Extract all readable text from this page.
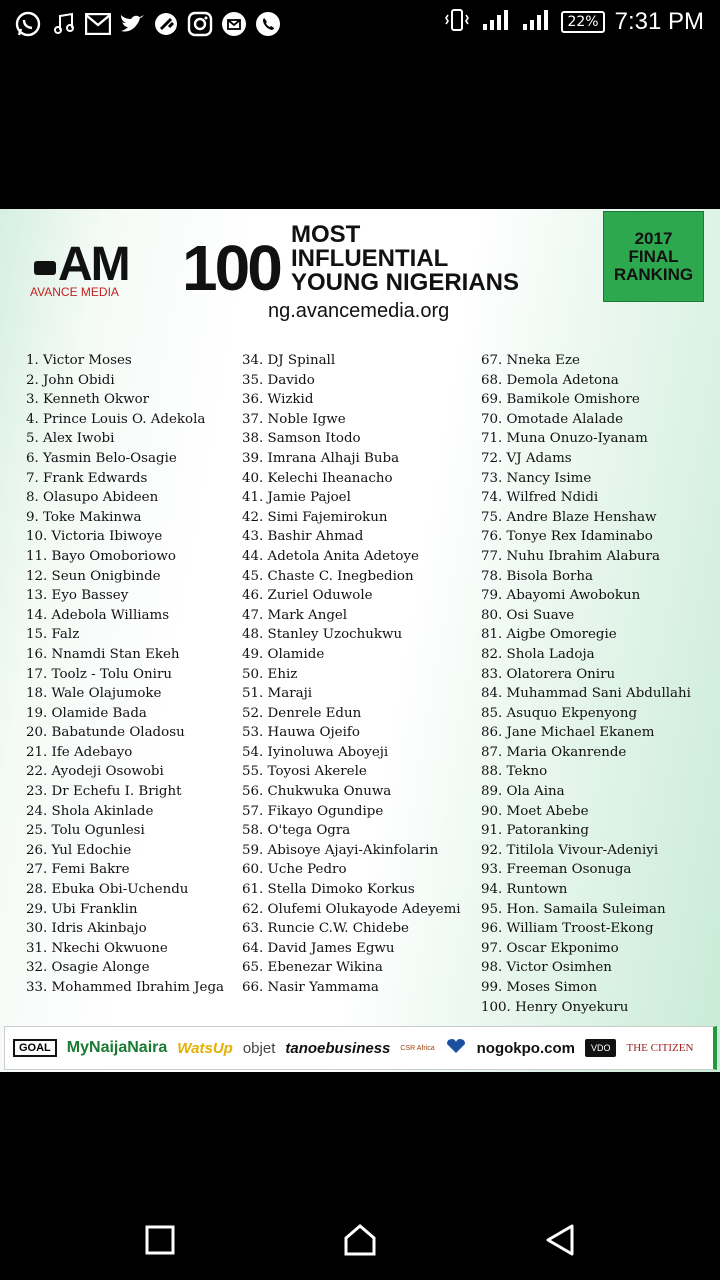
22% 7:31 PM
AM
AVANCE MEDIA 100 MOST
INFLUENTIAL
YOUNG NIGERIANS
ng.avancemedia.org
2017
FINAL
RANKING
1. Victor Moses
2. John Obidi
3. Kenneth Okwor
4. Prince Louis O. Adekola
5. Alex Iwobi
6. Yasmin Belo-Osagie
7. Frank Edwards
8. Olasupo Abideen
9. Toke Makinwa
10. Victoria Ibiwoye
11. Bayo Omoboriowo
12. Seun Onigbinde
13. Eyo Bassey
14. Adebola Williams
15. Falz
16. Nnamdi Stan Ekeh
17. Toolz - Tolu Oniru
18. Wale Olajumoke
19. Olamide Bada
20. Babatunde Oladosu
21. Ife Adebayo
22. Ayodeji Osowobi
23. Dr Echefu I. Bright
24. Shola Akinlade
25. Tolu Ogunlesi
26. Yul Edochie
27. Femi Bakre
28. Ebuka Obi-Uchendu
29. Ubi Franklin
30. Idris Akinbajo
31. Nkechi Okwuone
32. Osagie Alonge
33. Mohammed Ibrahim Jega
34. DJ Spinall
35. Davido
36. Wizkid
37. Noble Igwe
38. Samson Itodo
39. Imrana Alhaji Buba
40. Kelechi Iheanacho
41. Jamie Pajoel
42. Simi Fajemirokun
43. Bashir Ahmad
44. Adetola Anita Adetoye
45. Chaste C. Inegbedion
46. Zuriel Oduwole
47. Mark Angel
48. Stanley Uzochukwu
49. Olamide
50. Ehiz
51. Maraji
52. Denrele Edun
53. Hauwa Ojeifo
54. Iyinoluwa Aboyeji
55. Toyosi Akerele
56. Chukwuka Onuwa
57. Fikayo Ogundipe
58. O'tega Ogra
59. Abisoye Ajayi-Akinfolarin
60. Uche Pedro
61. Stella Dimoko Korkus
62. Olufemi Olukayode Adeyemi
63. Runcie C.W. Chidebe
64. David James Egwu
65. Ebenezar Wikina
66. Nasir Yammama
67. Nneka Eze
68. Demola Adetona
69. Bamikole Omishore
70. Omotade Alalade
71. Muna Onuzo-Iyanam
72. VJ Adams
73. Nancy Isime
74. Wilfred Ndidi
75. Andre Blaze Henshaw
76. Tonye Rex Idaminabo
77. Nuhu Ibrahim Alabura
78. Bisola Borha
79. Abayomi Awobokun
80. Osi Suave
81. Aigbe Omoregie
82. Shola Ladoja
83. Olatorera Oniru
84. Muhammad Sani Abdullahi
85. Asuquo Ekpenyong
86. Jane Michael Ekanem
87. Maria Okanrende
88. Tekno
89. Ola Aina
90. Moet Abebe
91. Patoranking
92. Titilola Vivour-Adeniyi
93. Freeman Osonuga
94. Runtown
95. Hon. Samaila Suleiman
96. William Troost-Ekong
97. Oscar Ekponimo
98. Victor Osimhen
99. Moses Simon
100. Henry Onyekuru
GOAL	MyNaijaNaira WatsUp objet tanoebusiness CSR Africa	nogokpo.com	VDO	THE CITIZEN
